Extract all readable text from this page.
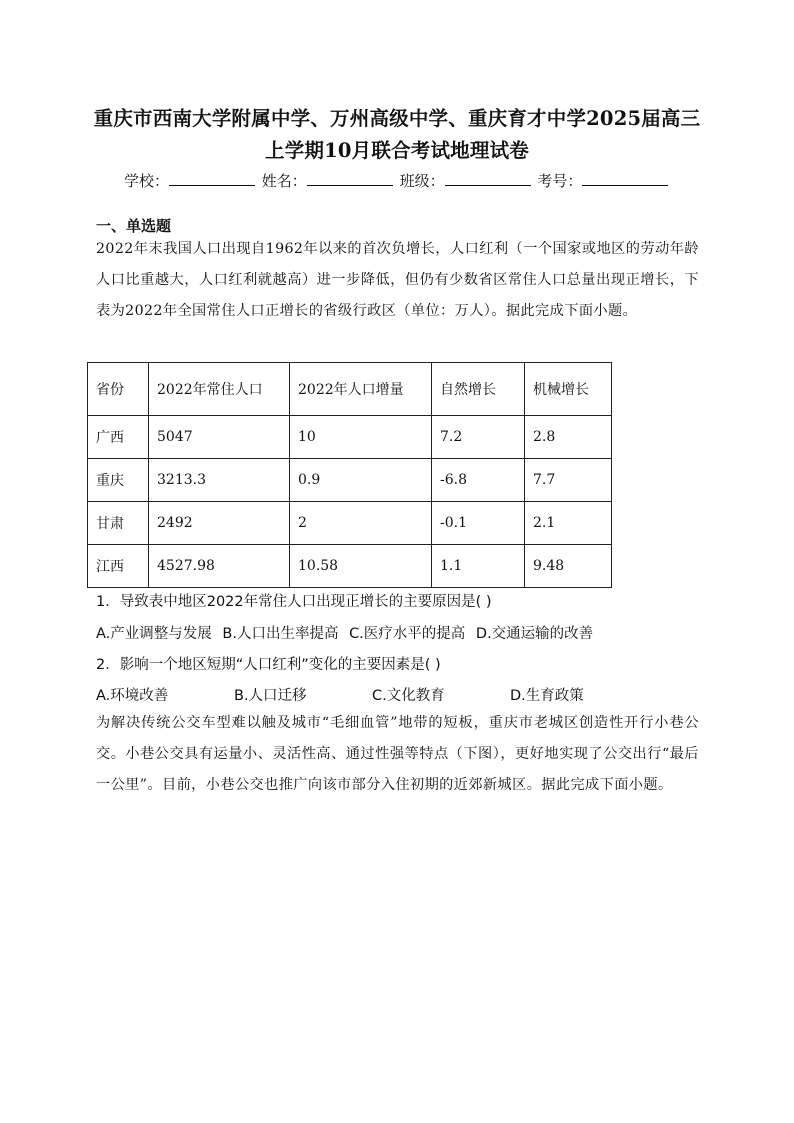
重庆市西南大学附属中学、万州高级中学、重庆育才中学2025届高三
上学期10月联合考试地理试卷
学校：	姓名：	班级：	考号：
一、单选题
2022年末我国人口出现自1962年以来的首次负增长，人口红利（一个国家或地区的劳动年龄人口比重越大，人口红利就越高）进一步降低，但仍有少数省区常住人口总量出现正增长，下表为2022年全国常住人口正增长的省级行政区（单位：万人）。据此完成下面小题。
省份	2022年常住人口	2022年人口增量	自然增长	机械增长
广西	5047	10	7.2	2.8
重庆	3213.3	0.9	-6.8	7.7
甘肃	2492	2	-0.1	2.1
江西	4527.98	10.58	1.1	9.48
1．导致表中地区2022年常住人口出现正增长的主要原因是( )
A.产业调整与发展 B.人口出生率提高 C.医疗水平的提高 D.交通运输的改善
2．影响一个地区短期“人口红利”变化的主要因素是( )
A.环境改善	B.人口迁移	C.文化教育	D.生育政策
为解决传统公交车型难以触及城市“毛细血管”地带的短板，重庆市老城区创造性开行小巷公交。小巷公交具有运量小、灵活性高、通过性强等特点（下图），更好地实现了公交出行“最后一公里”。目前，小巷公交也推广向该市部分入住初期的近郊新城区。据此完成下面小题。
